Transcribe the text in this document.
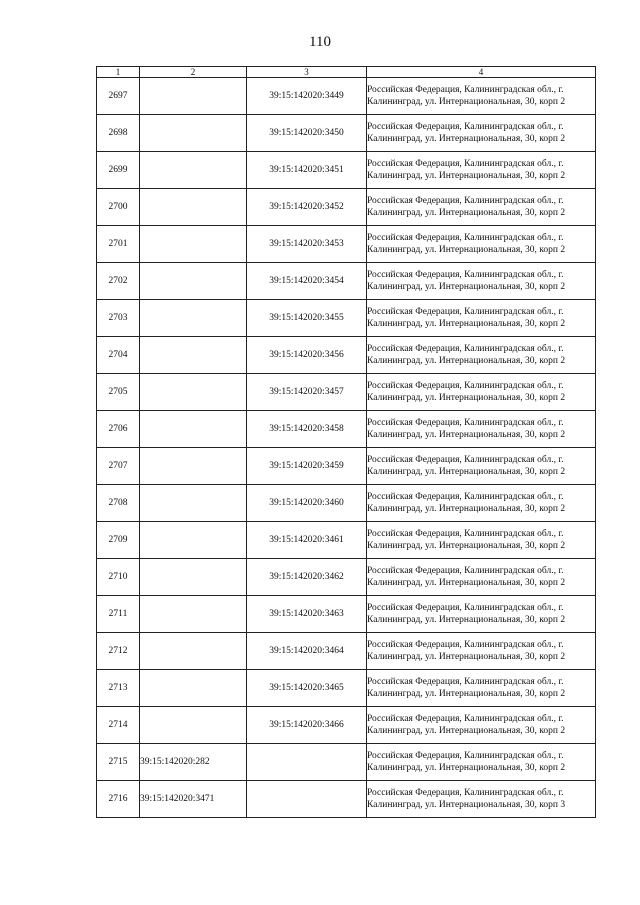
110
1	2	3	4
2697		39:15:142020:3449	Российская Федерация, Калининградская обл., г. Калининград, ул. Интернациональная, 30, корп 2
2698		39:15:142020:3450	Российская Федерация, Калининградская обл., г. Калининград, ул. Интернациональная, 30, корп 2
2699		39:15:142020:3451	Российская Федерация, Калининградская обл., г. Калининград, ул. Интернациональная, 30, корп 2
2700		39:15:142020:3452	Российская Федерация, Калининградская обл., г. Калининград, ул. Интернациональная, 30, корп 2
2701		39:15:142020:3453	Российская Федерация, Калининградская обл., г. Калининград, ул. Интернациональная, 30, корп 2
2702		39:15:142020:3454	Российская Федерация, Калининградская обл., г. Калининград, ул. Интернациональная, 30, корп 2
2703		39:15:142020:3455	Российская Федерация, Калининградская обл., г. Калининград, ул. Интернациональная, 30, корп 2
2704		39:15:142020:3456	Российская Федерация, Калининградская обл., г. Калининград, ул. Интернациональная, 30, корп 2
2705		39:15:142020:3457	Российская Федерация, Калининградская обл., г. Калининград, ул. Интернациональная, 30, корп 2
2706		39:15:142020:3458	Российская Федерация, Калининградская обл., г. Калининград, ул. Интернациональная, 30, корп 2
2707		39:15:142020:3459	Российская Федерация, Калининградская обл., г. Калининград, ул. Интернациональная, 30, корп 2
2708		39:15:142020:3460	Российская Федерация, Калининградская обл., г. Калининград, ул. Интернациональная, 30, корп 2
2709		39:15:142020:3461	Российская Федерация, Калининградская обл., г. Калининград, ул. Интернациональная, 30, корп 2
2710		39:15:142020:3462	Российская Федерация, Калининградская обл., г. Калининград, ул. Интернациональная, 30, корп 2
2711		39:15:142020:3463	Российская Федерация, Калининградская обл., г. Калининград, ул. Интернациональная, 30, корп 2
2712		39:15:142020:3464	Российская Федерация, Калининградская обл., г. Калининград, ул. Интернациональная, 30, корп 2
2713		39:15:142020:3465	Российская Федерация, Калининградская обл., г. Калининград, ул. Интернациональная, 30, корп 2
2714		39:15:142020:3466	Российская Федерация, Калининградская обл., г. Калининград, ул. Интернациональная, 30, корп 2
2715	39:15:142020:282		Российская Федерация, Калининградская обл., г. Калининград, ул. Интернациональная, 30, корп 2
2716	39:15:142020:3471		Российская Федерация, Калининградская обл., г. Калининград, ул. Интернациональная, 30, корп 3
